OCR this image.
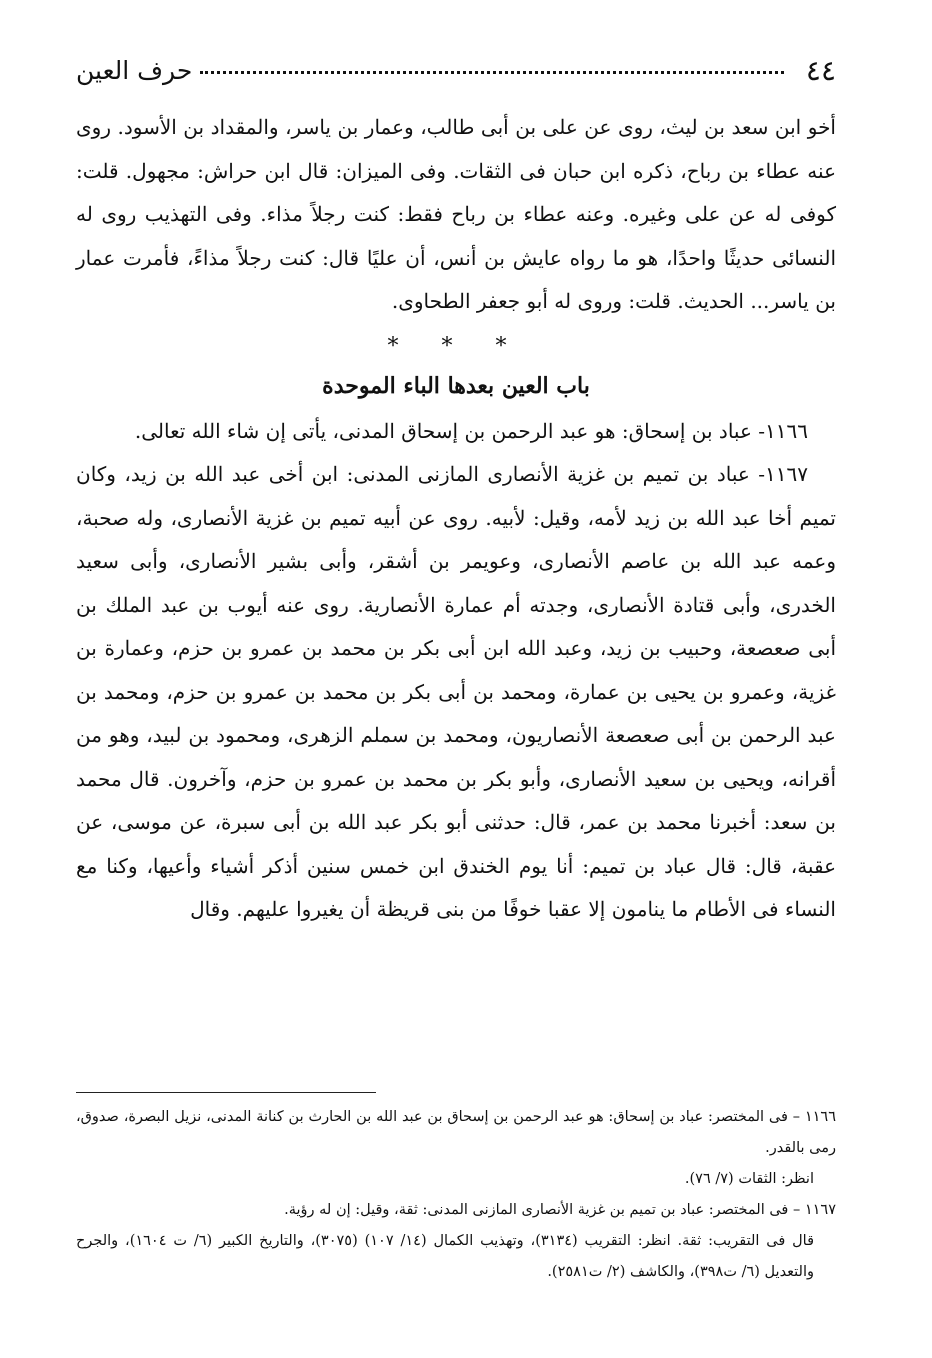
٤٤
حرف العين

أخو ابن سعد بن ليث، روى عن على بن أبى طالب، وعمار بن ياسر، والمقداد بن الأسود. روى عنه عطاء بن رباح، ذكره ابن حبان فى الثقات. وفى الميزان: قال ابن حراش: مجهول. قلت: كوفى له عن على وغيره. وعنه عطاء بن رباح فقط: كنت رجلاً مذاء. وفى التهذيب روى له النسائى حديثًا واحدًا، هو ما رواه عايش بن أنس، أن عليًا قال: كنت رجلاً مذاءً، فأمرت عمار بن ياسر... الحديث. قلت: وروى له أبو جعفر الطحاوى.

* * *
باب العين بعدها الباء الموحدة

١١٦٦- عباد بن إسحاق: هو عبد الرحمن بن إسحاق المدنى، يأتى إن شاء الله تعالى.

١١٦٧- عباد بن تميم بن غزية الأنصارى المازنى المدنى: ابن أخى عبد الله بن زيد، وكان تميم أخا عبد الله بن زيد لأمه، وقيل: لأبيه. روى عن أبيه تميم بن غزية الأنصارى، وله صحبة، وعمه عبد الله بن عاصم الأنصارى، وعويمر بن أشقر، وأبى بشير الأنصارى، وأبى سعيد الخدرى، وأبى قتادة الأنصارى، وجدته أم عمارة الأنصارية. روى عنه أيوب بن عبد الملك بن أبى صعصعة، وحبيب بن زيد، وعبد الله ابن أبى بكر بن محمد بن عمرو بن حزم، وعمارة بن غزية، وعمرو بن يحيى بن عمارة، ومحمد بن أبى بكر بن محمد بن عمرو بن حزم، ومحمد بن عبد الرحمن بن أبى صعصعة الأنصاريون، ومحمد بن سملم الزهرى، ومحمود بن لبيد، وهو من أقرانه، ويحيى بن سعيد الأنصارى، وأبو بكر بن محمد بن عمرو بن حزم، وآخرون. قال محمد بن سعد: أخبرنا محمد بن عمر، قال: حدثنى أبو بكر عبد الله بن أبى سبرة، عن موسى، عن عقبة، قال: قال عباد بن تميم: أنا يوم الخندق ابن خمس سنين أذكر أشياء وأعيها، وكنا مع النساء فى الأطام ما ينامون إلا عقبا خوفًا من بنى قريظة أن يغيروا عليهم. وقال

١١٦٦ – فى المختصر: عباد بن إسحاق: هو عبد الرحمن بن إسحاق بن عبد الله بن الحارث بن كنانة المدنى، نزيل البصرة، صدوق، رمى بالقدر.

انظر: الثقات (٧/ ٧٦).

١١٦٧ – فى المختصر: عباد بن تميم بن غزية الأنصارى المازنى المدنى: ثقة، وقيل: إن له رؤية.

قال فى التقريب: ثقة. انظر: التقريب (٣١٣٤)، وتهذيب الكمال (١٤/ ١٠٧) (٣٠٧٥)، والتاريخ الكبير (٦/ ت ١٦٠٤)، والجرح والتعديل (٦/ ت٣٩٨)، والكاشف (٢/ ت٢٥٨١).
